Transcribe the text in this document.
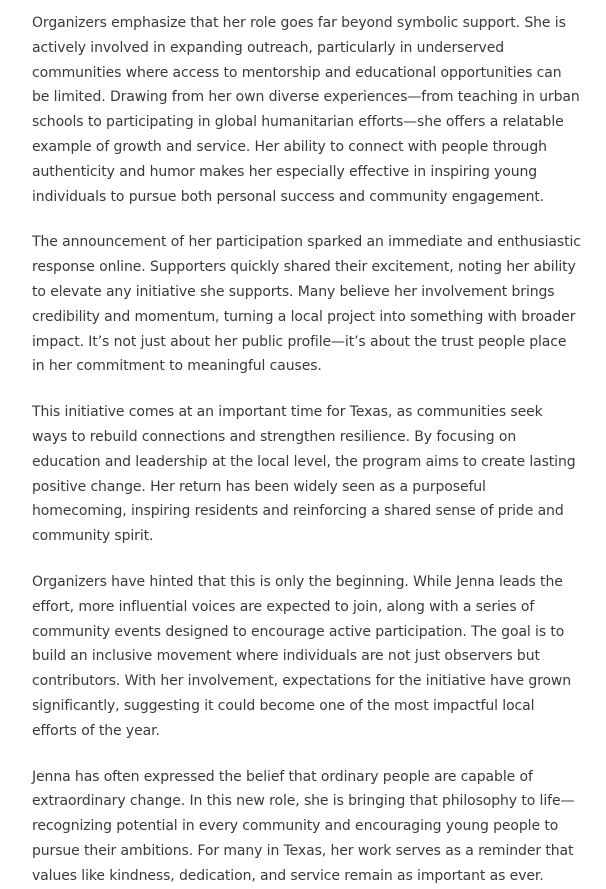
Organizers emphasize that her role goes far beyond symbolic support. She is actively involved in expanding outreach, particularly in underserved communities where access to mentorship and educational opportunities can be limited. Drawing from her own diverse experiences—from teaching in urban schools to participating in global humanitarian efforts—she offers a relatable example of growth and service. Her ability to connect with people through authenticity and humor makes her especially effective in inspiring young individuals to pursue both personal success and community engagement.

The announcement of her participation sparked an immediate and enthusiastic response online. Supporters quickly shared their excitement, noting her ability to elevate any initiative she supports. Many believe her involvement brings credibility and momentum, turning a local project into something with broader impact. It’s not just about her public profile—it’s about the trust people place in her commitment to meaningful causes.

This initiative comes at an important time for Texas, as communities seek ways to rebuild connections and strengthen resilience. By focusing on education and leadership at the local level, the program aims to create lasting positive change. Her return has been widely seen as a purposeful homecoming, inspiring residents and reinforcing a shared sense of pride and community spirit.

Organizers have hinted that this is only the beginning. While Jenna leads the effort, more influential voices are expected to join, along with a series of community events designed to encourage active participation. The goal is to build an inclusive movement where individuals are not just observers but contributors. With her involvement, expectations for the initiative have grown significantly, suggesting it could become one of the most impactful local efforts of the year.

Jenna has often expressed the belief that ordinary people are capable of extraordinary change. In this new role, she is bringing that philosophy to life—recognizing potential in every community and encouraging young people to pursue their ambitions. For many in Texas, her work serves as a reminder that values like kindness, dedication, and service remain as important as ever.
